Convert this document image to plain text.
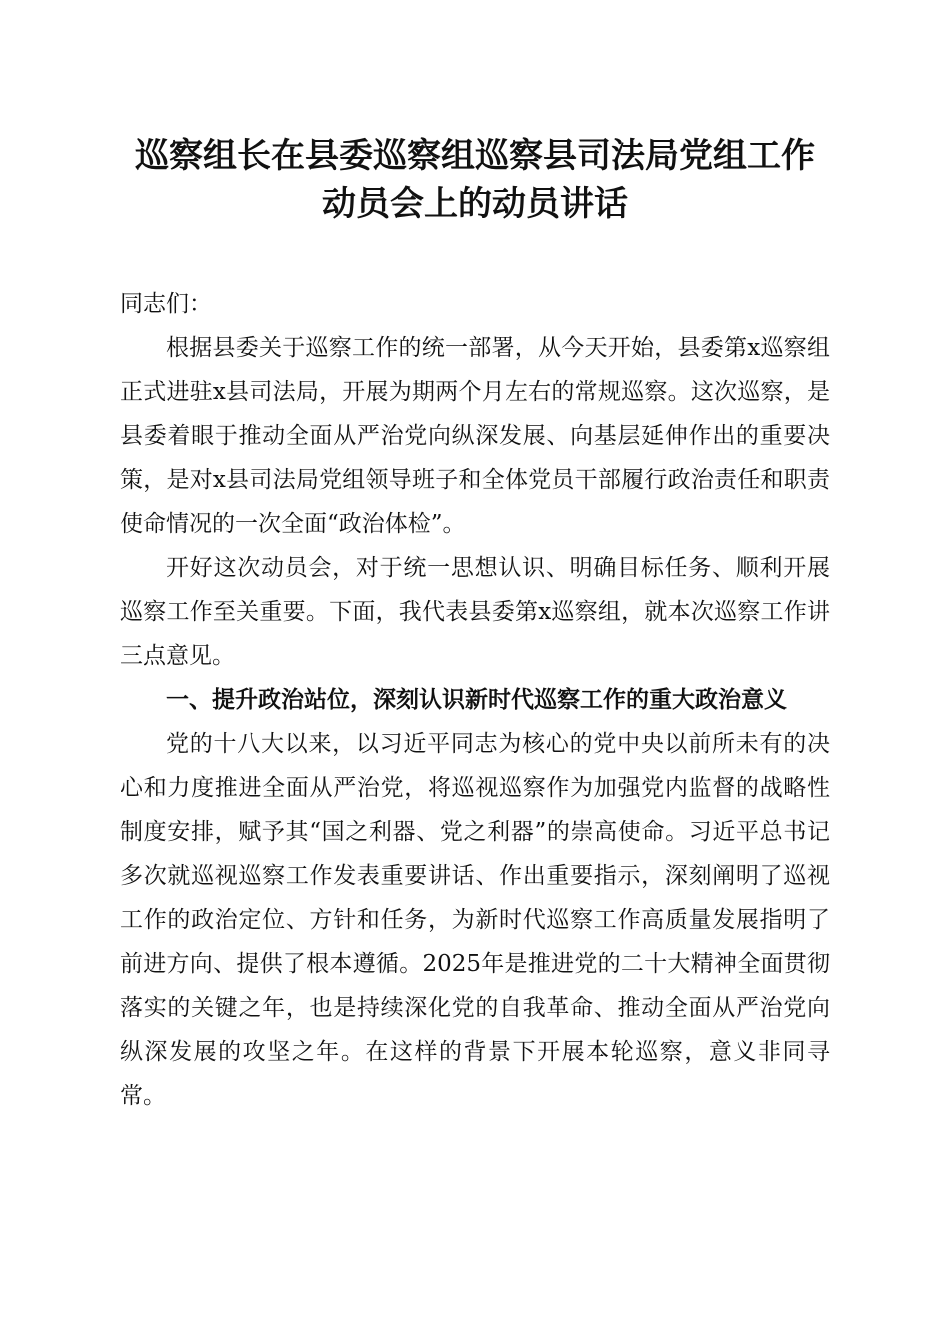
巡察组长在县委巡察组巡察县司法局党组工作
动员会上的动员讲话

同志们：

根据县委关于巡察工作的统一部署，从今天开始，县委第x巡察组正式进驻x县司法局，开展为期两个月左右的常规巡察。这次巡察，是县委着眼于推动全面从严治党向纵深发展、向基层延伸作出的重要决策，是对x县司法局党组领导班子和全体党员干部履行政治责任和职责使命情况的一次全面“政治体检”。

开好这次动员会，对于统一思想认识、明确目标任务、顺利开展巡察工作至关重要。下面，我代表县委第x巡察组，就本次巡察工作讲三点意见。

一、提升政治站位，深刻认识新时代巡察工作的重大政治意义

党的十八大以来，以习近平同志为核心的党中央以前所未有的决心和力度推进全面从严治党，将巡视巡察作为加强党内监督的战略性制度安排，赋予其“国之利器、党之利器”的崇高使命。习近平总书记多次就巡视巡察工作发表重要讲话、作出重要指示，深刻阐明了巡视工作的政治定位、方针和任务，为新时代巡察工作高质量发展指明了前进方向、提供了根本遵循。2025年是推进党的二十大精神全面贯彻落实的关键之年，也是持续深化党的自我革命、推动全面从严治党向纵深发展的攻坚之年。在这样的背景下开展本轮巡察，意义非同寻常。
